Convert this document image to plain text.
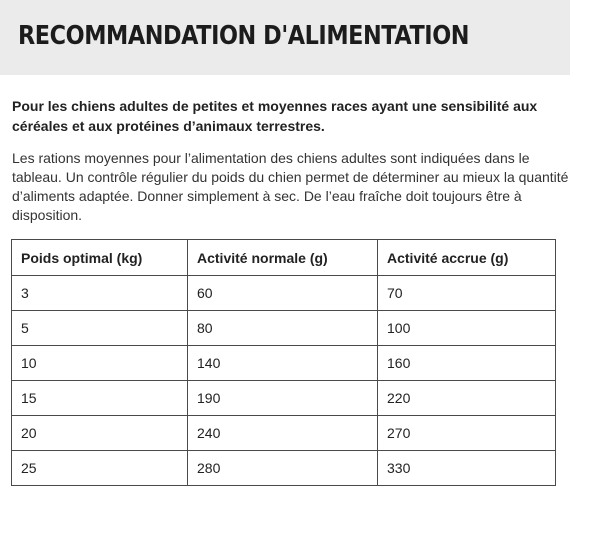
RECOMMANDATION D'ALIMENTATION

Pour les chiens adultes de petites et moyennes races ayant une sensibilité aux céréales et aux protéines d’animaux terrestres.

Les rations moyennes pour l’alimentation des chiens adultes sont indiquées dans le tableau. Un contrôle régulier du poids du chien permet de déterminer au mieux la quantité d’aliments adaptée. Donner simplement à sec. De l’eau fraîche doit toujours être à disposition.

Poids optimal (kg)	Activité normale (g)	Activité accrue (g)
3	60	70
5	80	100
10	140	160
15	190	220
20	240	270
25	280	330
